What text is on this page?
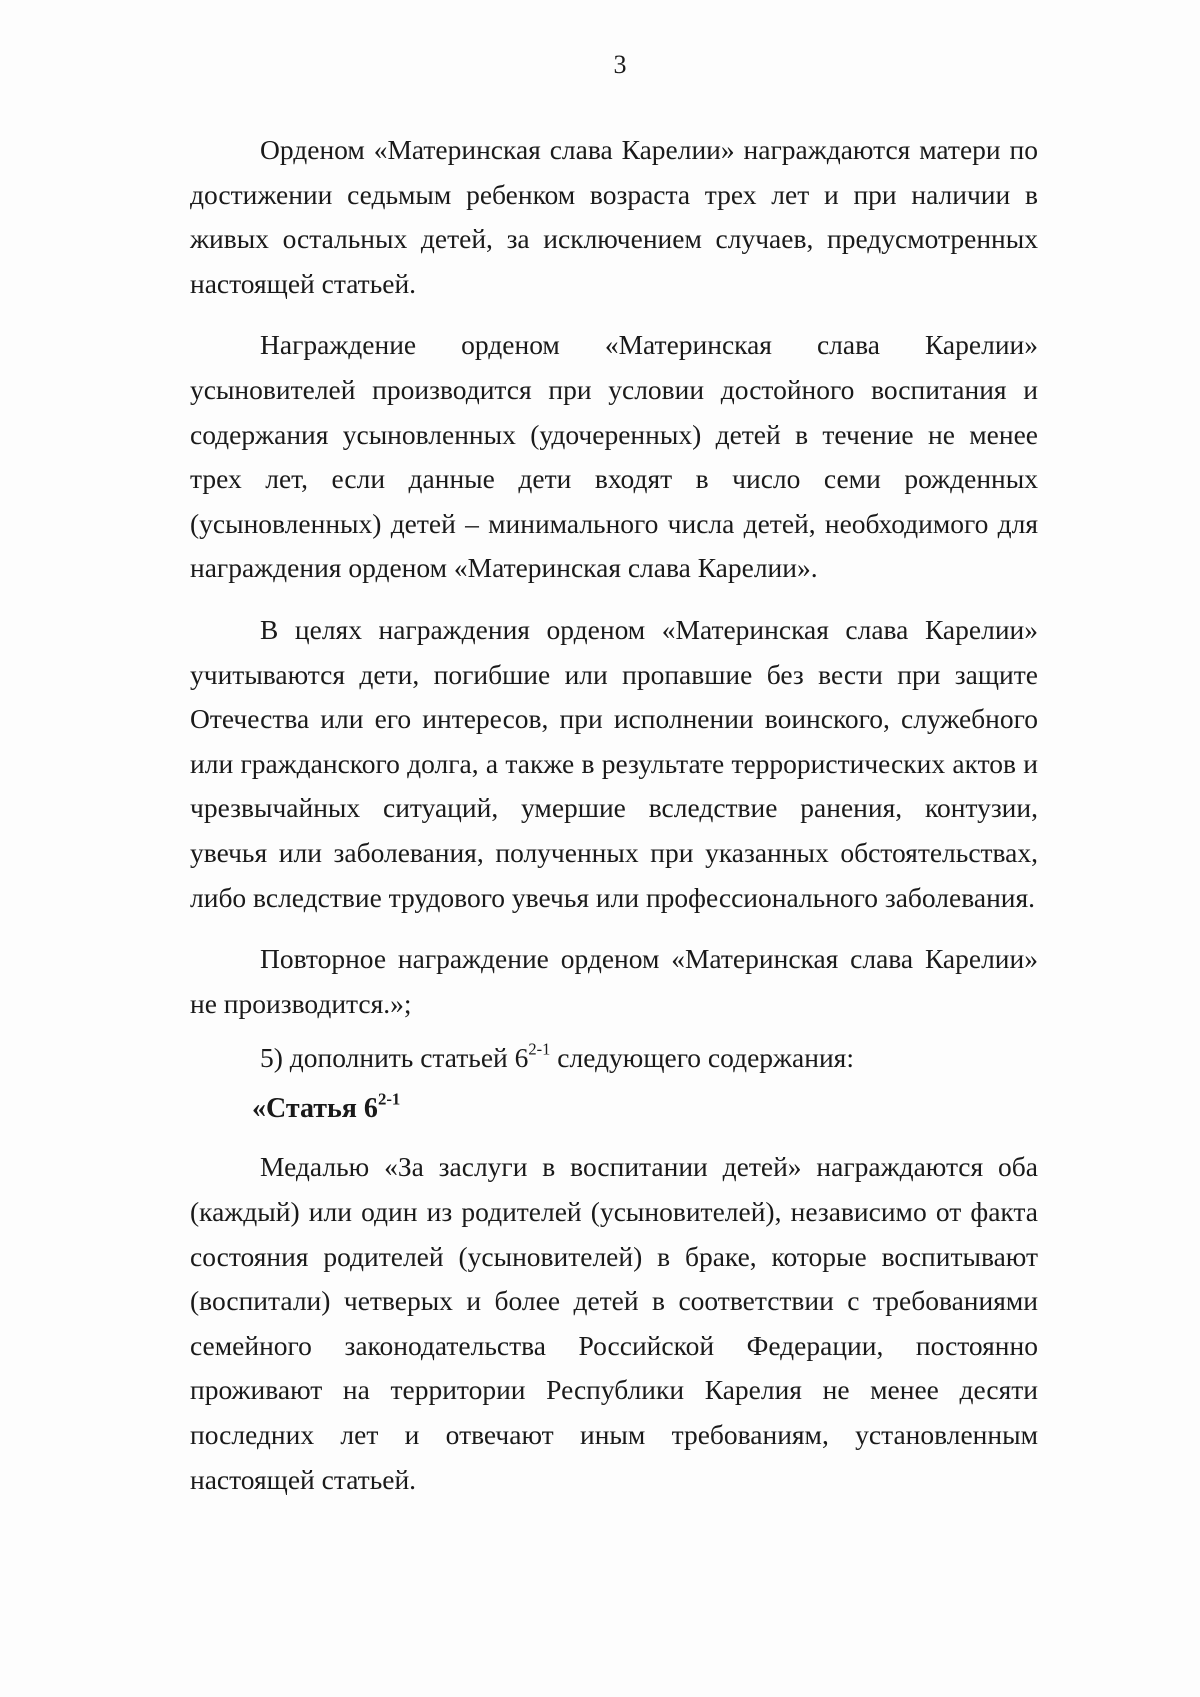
3

Орденом «Материнская слава Карелии» награждаются матери по достижении седьмым ребенком возраста трех лет и при наличии в живых остальных детей, за исключением случаев, предусмотренных настоящей статьей.

Награждение орденом «Материнская слава Карелии» усыновителей производится при условии достойного воспитания и содержания усыновленных (удочеренных) детей в течение не менее трех лет, если данные дети входят в число семи рожденных (усыновленных) детей – минимального числа детей, необходимого для награждения орденом «Материнская слава Карелии».

В целях награждения орденом «Материнская слава Карелии» учитываются дети, погибшие или пропавшие без вести при защите Отечества или его интересов, при исполнении воинского, служебного или гражданского долга, а также в результате террористических актов и чрезвычайных ситуаций, умершие вследствие ранения, контузии, увечья или заболевания, полученных при указанных обстоятельствах, либо вследствие трудового увечья или профессионального заболевания.

Повторное награждение орденом «Материнская слава Карелии» не производится.»;

5) дополнить статьей 6$^{2-1}$ следующего содержания:

«Статья 6$^{2-1}$

Медалью «За заслуги в воспитании детей» награждаются оба (каждый) или один из родителей (усыновителей), независимо от факта состояния родителей (усыновителей) в браке, которые воспитывают (воспитали) четверых и более детей в соответствии с требованиями семейного законодательства Российской Федерации, постоянно проживают на территории Республики Карелия не менее десяти последних лет и отвечают иным требованиям, установленным настоящей статьей.
